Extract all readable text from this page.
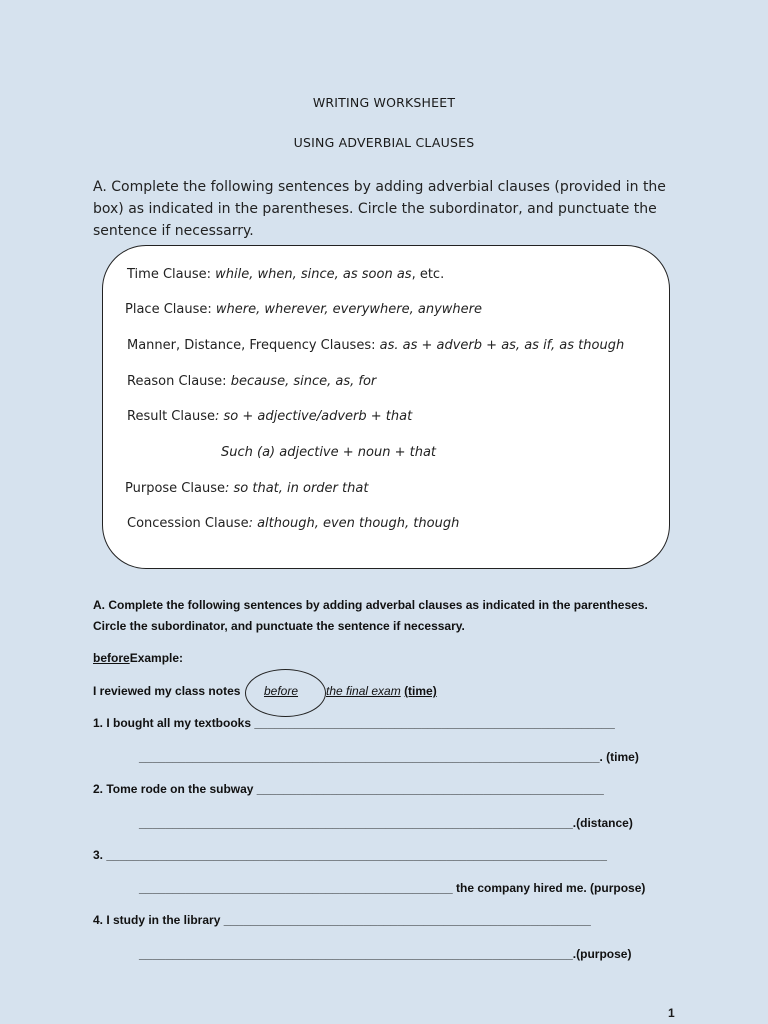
WRITING WORKSHEET
USING ADVERBIAL CLAUSES
A. Complete the following sentences by adding adverbial clauses (provided in the box) as indicated in the parentheses. Circle the subordinator, and punctuate the sentence if necessarry.
Time Clause: while, when, since, as soon as, etc.
Place Clause: where, wherever, everywhere, anywhere
Manner, Distance, Frequency Clauses: as. as + adverb + as, as if, as though
Reason Clause: because, since, as, for
Result Clause: so + adjective/adverb + that
Such (a) adjective + noun + that
Purpose Clause: so that, in order that
Concession Clause: although, even though, though
A. Complete the following sentences by adding adverbal clauses as indicated in the parentheses.
Circle the subordinator, and punctuate the sentence if necessary.
beforeExample:
I reviewed my class notes before the final exam (time)
1. I bought all my textbooks ______________________________________________________
_____________________________________________________________________. (time)
2. Tome rode on the subway ____________________________________________________
_________________________________________________________________.(distance)
3. ___________________________________________________________________________
_______________________________________________ the company hired me. (purpose)
4. I study in the library _______________________________________________________
_________________________________________________________________.(purpose)
1
